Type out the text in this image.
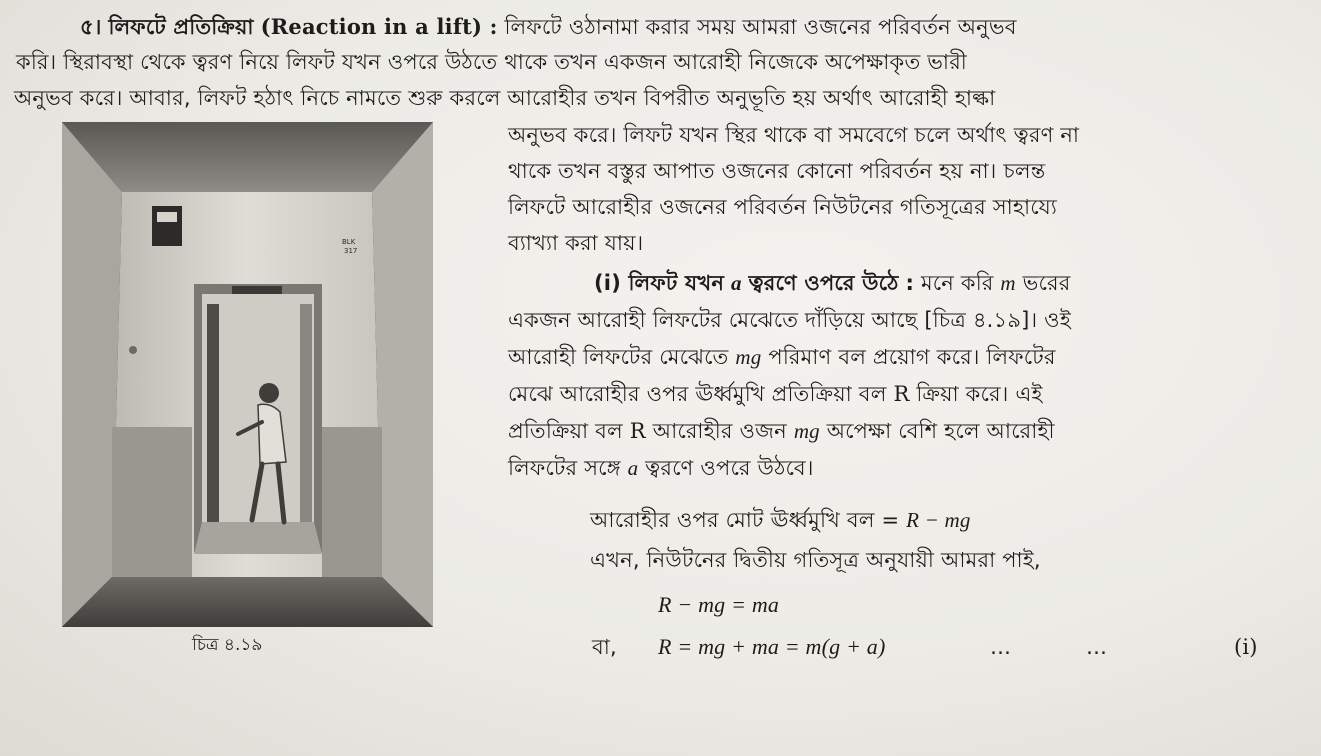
৫। লিফটে প্রতিক্রিয়া (Reaction in a lift) : লিফটে ওঠানামা করার সময় আমরা ওজনের পরিবর্তন অনুভব
করি। স্থিরাবস্থা থেকে ত্বরণ নিয়ে লিফট যখন ওপরে উঠতে থাকে তখন একজন আরোহী নিজেকে অপেক্ষাকৃত ভারী
অনুভব করে। আবার, লিফট হঠাৎ নিচে নামতে শুরু করলে আরোহীর তখন বিপরীত অনুভূতি হয় অর্থাৎ আরোহী হাল্কা
অনুভব করে। লিফট যখন স্থির থাকে বা সমবেগে চলে অর্থাৎ ত্বরণ না
থাকে তখন বস্তুর আপাত ওজনের কোনো পরিবর্তন হয় না। চলন্ত
লিফটে আরোহীর ওজনের পরিবর্তন নিউটনের গতিসূত্রের সাহায্যে
ব্যাখ্যা করা যায়।
(i) লিফট যখন a ত্বরণে ওপরে উঠে : মনে করি m ভরের
একজন আরোহী লিফটের মেঝেতে দাঁড়িয়ে আছে [চিত্র ৪.১৯]। ওই
আরোহী লিফটের মেঝেতে mg পরিমাণ বল প্রয়োগ করে। লিফটের
মেঝে আরোহীর ওপর ঊর্ধ্বমুখি প্রতিক্রিয়া বল R ক্রিয়া করে। এই
প্রতিক্রিয়া বল R আরোহীর ওজন mg অপেক্ষা বেশি হলে আরোহী
লিফটের সঙ্গে a ত্বরণে ওপরে উঠবে।
আরোহীর ওপর মোট ঊর্ধ্বমুখি বল = R − mg
এখন, নিউটনের দ্বিতীয় গতিসূত্র অনুযায়ী আমরা পাই,
R − mg = ma
বা, R = mg + ma = m(g + a)	…	…	(i)
BLK
317
চিত্র ৪.১৯
